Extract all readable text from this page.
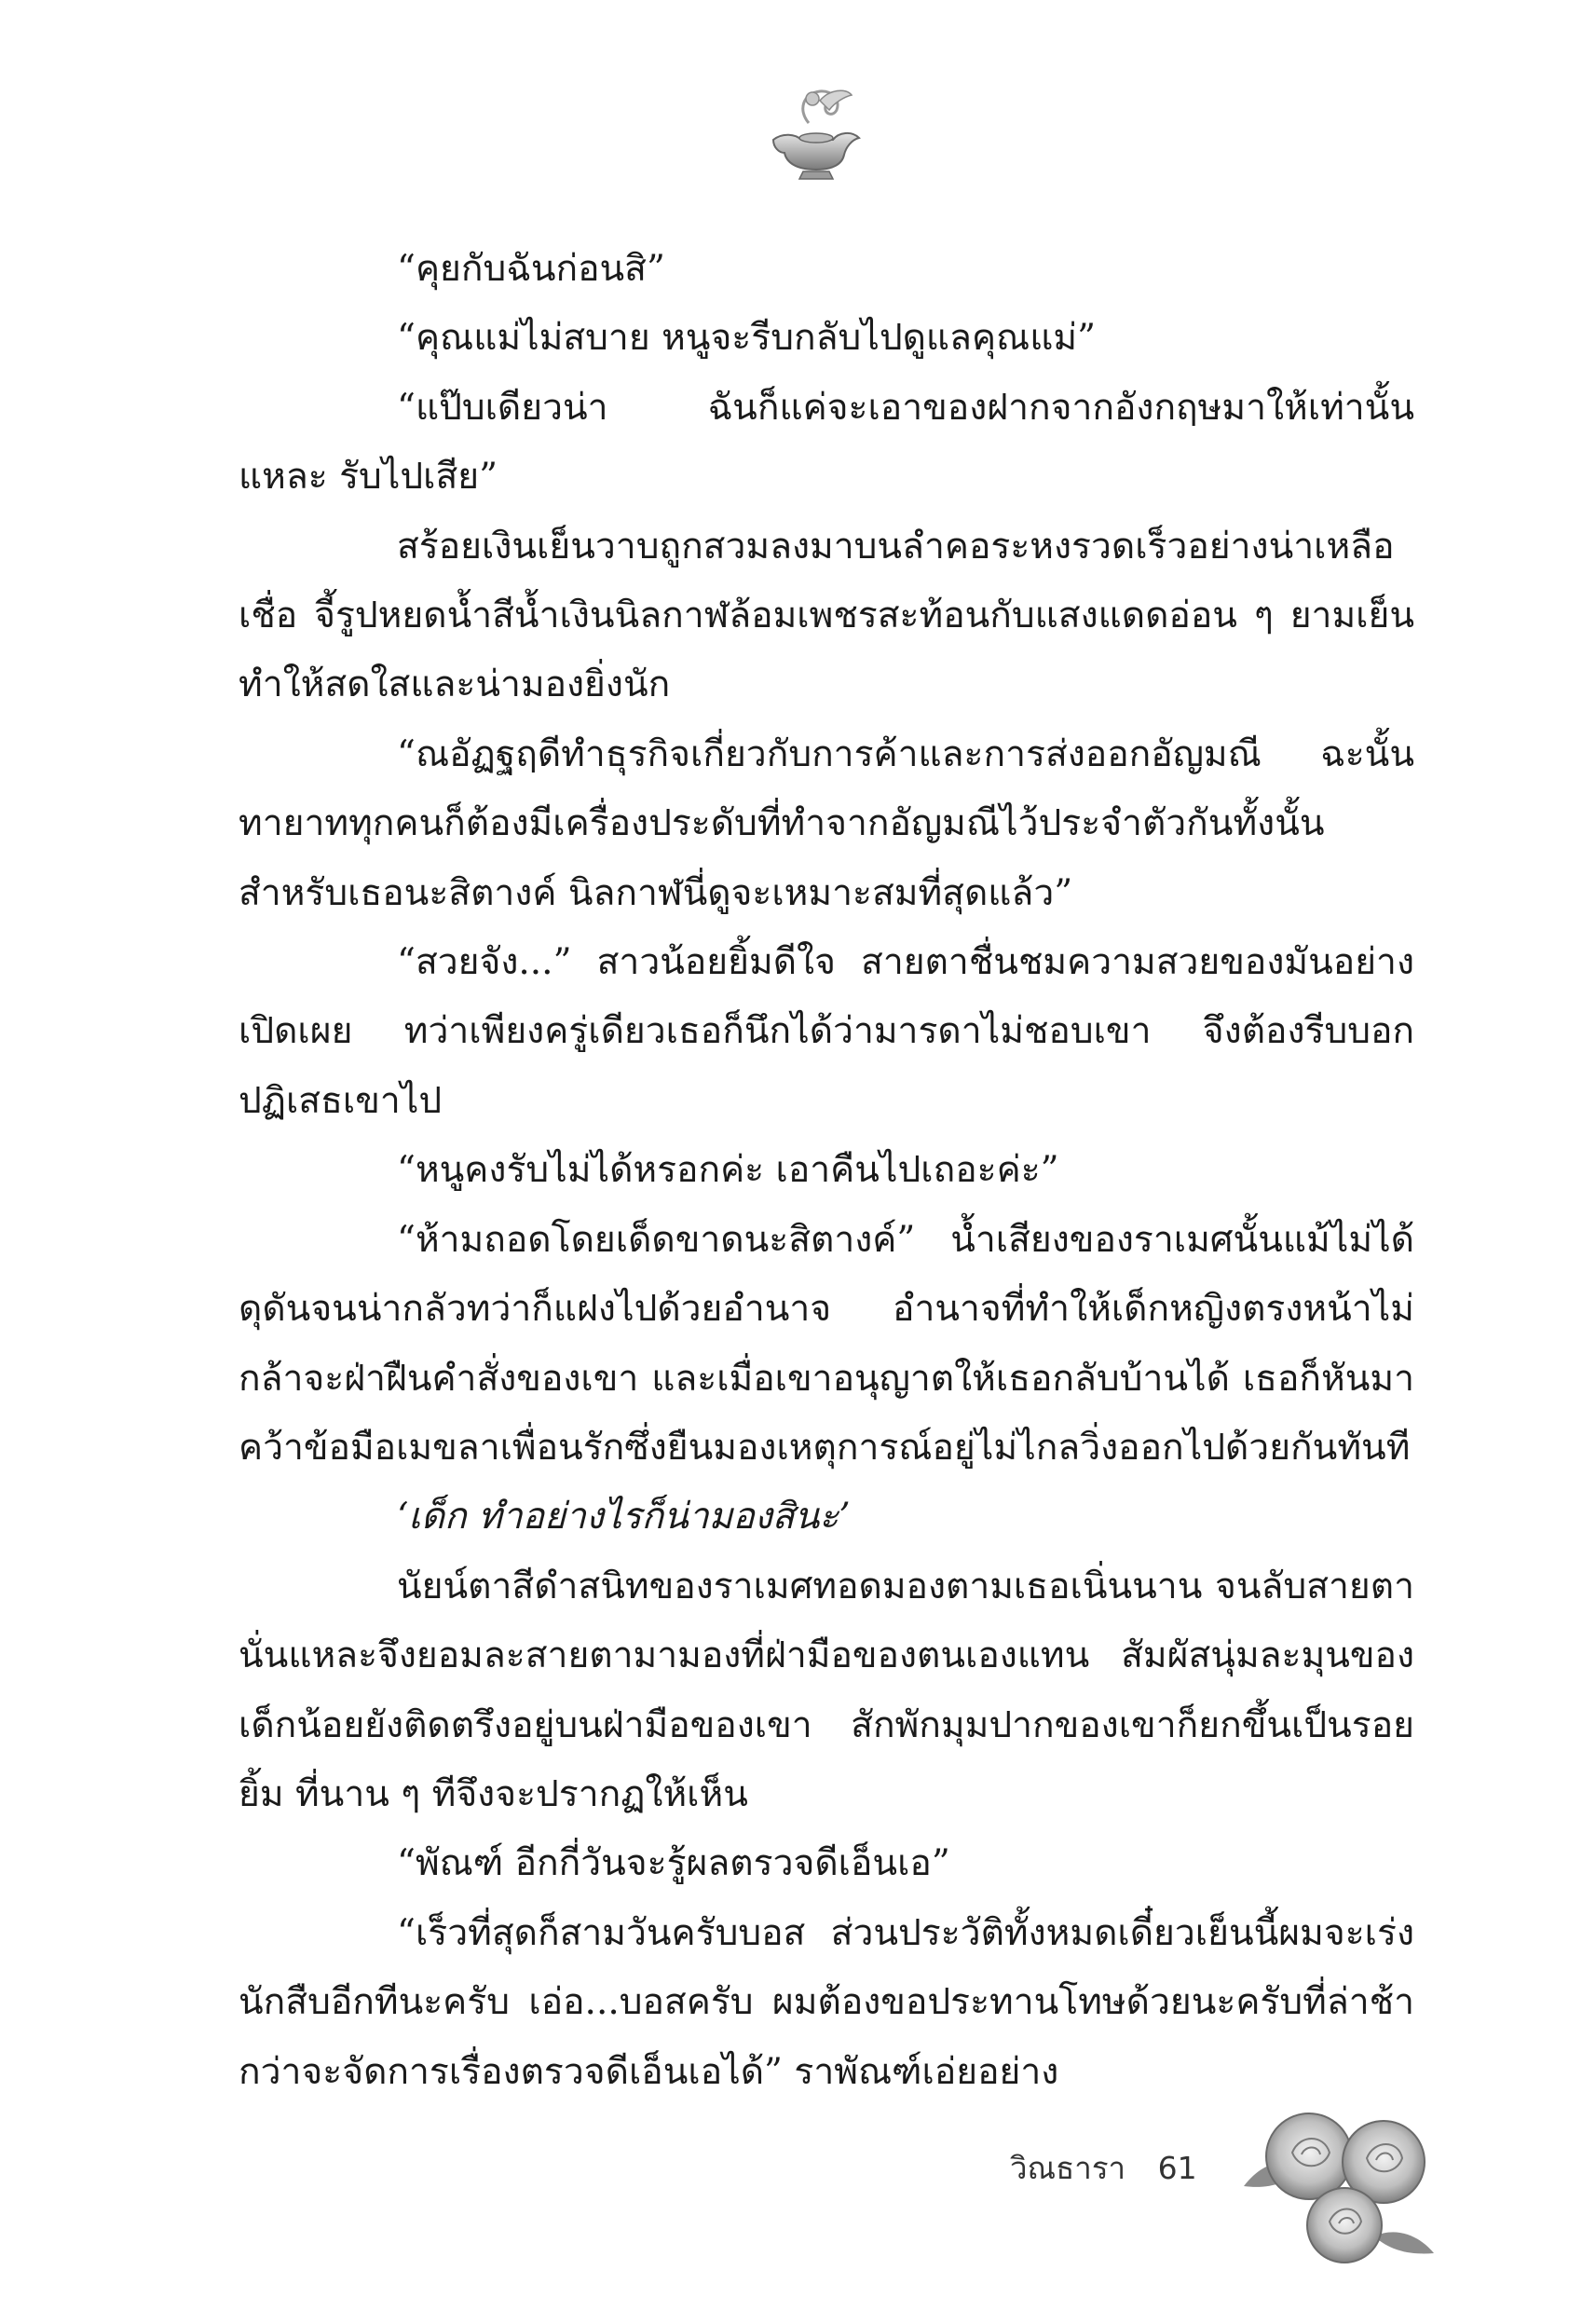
“คุยกับฉันก่อนสิ”

“คุณแม่ไม่สบาย หนูจะรีบกลับไปดูแลคุณแม่”

“แป๊บเดียวน่า ฉันก็แค่จะเอาของฝากจากอังกฤษมาให้เท่านั้นแหละ รับไปเสีย”

สร้อยเงินเย็นวาบถูกสวมลงมาบนลำคอระหงรวดเร็วอย่างน่าเหลือเชื่อ จี้รูปหยดน้ำสีน้ำเงินนิลกาฬล้อมเพชรสะท้อนกับแสงแดดอ่อน ๆ ยามเย็นทำให้สดใสและน่ามองยิ่งนัก

“ณอัฏฐฤดีทำธุรกิจเกี่ยวกับการค้าและการส่งออกอัญมณี ฉะนั้นทายาททุกคนก็ต้องมีเครื่องประดับที่ทำจากอัญมณีไว้ประจำตัวกันทั้งนั้น สำหรับเธอนะสิตางค์ นิลกาฬนี่ดูจะเหมาะสมที่สุดแล้ว”

“สวยจัง...” สาวน้อยยิ้มดีใจ สายตาชื่นชมความสวยของมันอย่างเปิดเผย ทว่าเพียงครู่เดียวเธอก็นึกได้ว่ามารดาไม่ชอบเขา จึงต้องรีบบอกปฏิเสธเขาไป

“หนูคงรับไม่ได้หรอกค่ะ เอาคืนไปเถอะค่ะ”

“ห้ามถอดโดยเด็ดขาดนะสิตางค์” น้ำเสียงของราเมศนั้นแม้ไม่ได้ดุดันจนน่ากลัวทว่าก็แฝงไปด้วยอำนาจ อำนาจที่ทำให้เด็กหญิงตรงหน้าไม่กล้าจะฝ่าฝืนคำสั่งของเขา และเมื่อเขาอนุญาตให้เธอกลับบ้านได้ เธอก็หันมาคว้าข้อมือเมขลาเพื่อนรักซึ่งยืนมองเหตุการณ์อยู่ไม่ไกลวิ่งออกไปด้วยกันทันที

‘เด็ก ทำอย่างไรก็น่ามองสินะ’

นัยน์ตาสีดำสนิทของราเมศทอดมองตามเธอเนิ่นนาน จนลับสายตานั่นแหละจึงยอมละสายตามามองที่ฝ่ามือของตนเองแทน สัมผัสนุ่มละมุนของเด็กน้อยยังติดตรึงอยู่บนฝ่ามือของเขา สักพักมุมปากของเขาก็ยกขึ้นเป็นรอยยิ้ม ที่นาน ๆ ทีจึงจะปรากฏให้เห็น

“พัณฑ์ อีกกี่วันจะรู้ผลตรวจดีเอ็นเอ”

“เร็วที่สุดก็สามวันครับบอส ส่วนประวัติทั้งหมดเดี๋ยวเย็นนี้ผมจะเร่งนักสืบอีกทีนะครับ เอ่อ...บอสครับ ผมต้องขอประทานโทษด้วยนะครับที่ล่าช้า กว่าจะจัดการเรื่องตรวจดีเอ็นเอได้” ราพัณฑ์เอ่ยอย่าง

วิณธารา 61
